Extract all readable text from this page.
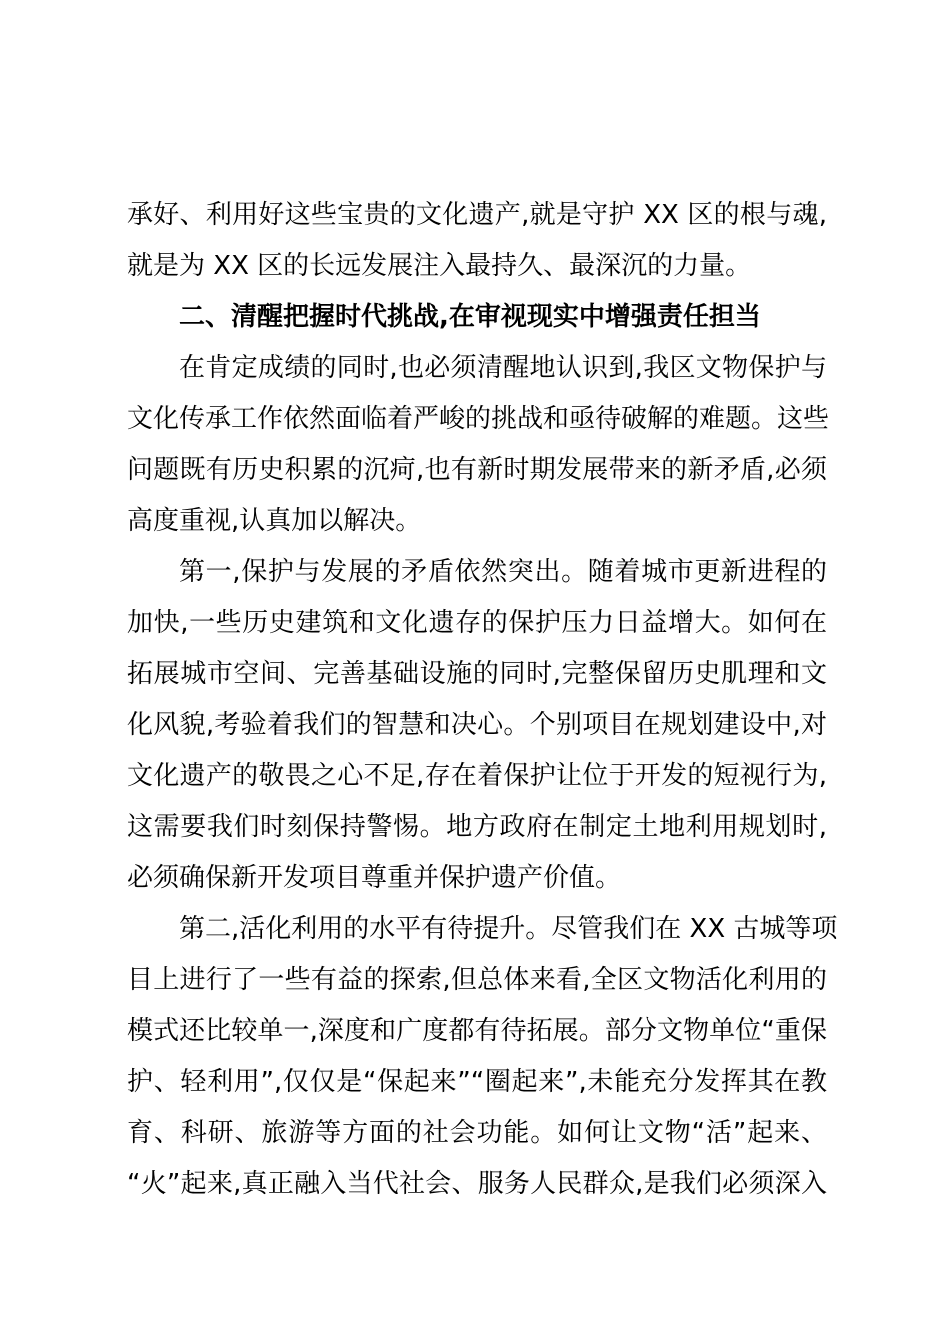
承好、利用好这些宝贵的文化遗产,就是守护 XX 区的根与魂,
就是为 XX 区的长远发展注入最持久、最深沉的力量。
二、清醒把握时代挑战,在审视现实中增强责任担当
在肯定成绩的同时,也必须清醒地认识到,我区文物保护与
文化传承工作依然面临着严峻的挑战和亟待破解的难题。这些
问题既有历史积累的沉疴,也有新时期发展带来的新矛盾,必须
高度重视,认真加以解决。
第一,保护与发展的矛盾依然突出。随着城市更新进程的
加快,一些历史建筑和文化遗存的保护压力日益增大。如何在
拓展城市空间、完善基础设施的同时,完整保留历史肌理和文
化风貌,考验着我们的智慧和决心。个别项目在规划建设中,对
文化遗产的敬畏之心不足,存在着保护让位于开发的短视行为,
这需要我们时刻保持警惕。地方政府在制定土地利用规划时,
必须确保新开发项目尊重并保护遗产价值。
第二,活化利用的水平有待提升。尽管我们在 XX 古城等项
目上进行了一些有益的探索,但总体来看,全区文物活化利用的
模式还比较单一,深度和广度都有待拓展。部分文物单位“重保
护、轻利用”,仅仅是“保起来”“圈起来”,未能充分发挥其在教
育、科研、旅游等方面的社会功能。如何让文物“活”起来、
“火”起来,真正融入当代社会、服务人民群众,是我们必须深入
